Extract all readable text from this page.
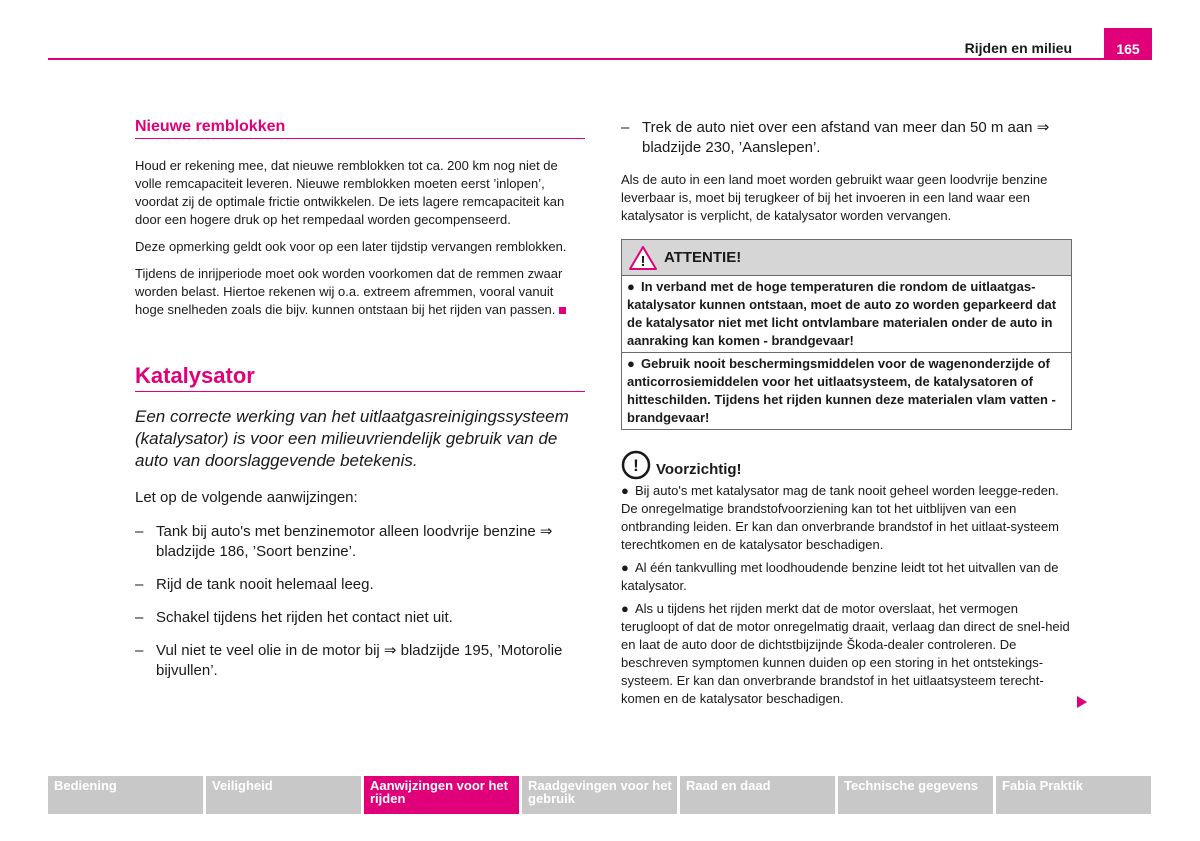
Rijden en milieu	165
Nieuwe remblokken

Houd er rekening mee, dat nieuwe remblokken tot ca. 200 km nog niet de volle remcapaciteit leveren. Nieuwe remblokken moeten eerst ’inlopen’, voordat zij de optimale frictie ontwikkelen. De iets lagere remcapaciteit kan door een hogere druk op het rempedaal worden gecompenseerd.

Deze opmerking geldt ook voor op een later tijdstip vervangen remblokken.

Tijdens de inrijperiode moet ook worden voorkomen dat de remmen zwaar worden belast. Hiertoe rekenen wij o.a. extreem afremmen, vooral vanuit hoge snelheden zoals die bijv. kunnen ontstaan bij het rijden van passen.

Katalysator

Een correcte werking van het uitlaatgasreinigingssysteem (katalysator) is voor een milieuvriendelijk gebruik van de auto van doorslaggevende betekenis.

Let op de volgende aanwijzingen:

– Tank bij auto's met benzinemotor alleen loodvrije benzine ⇒ bladzijde 186, ’Soort benzine’.
– Rijd de tank nooit helemaal leeg.
– Schakel tijdens het rijden het contact niet uit.
– Vul niet te veel olie in de motor bij ⇒ bladzijde 195, ’Motorolie bijvullen’.
– Trek de auto niet over een afstand van meer dan 50 m aan ⇒ bladzijde 230, ’Aanslepen’.

Als de auto in een land moet worden gebruikt waar geen loodvrije benzine leverbaar is, moet bij terugkeer of bij het invoeren in een land waar een katalysator is verplicht, de katalysator worden vervangen.

! ATTENTIE!
● In verband met de hoge temperaturen die rondom de uitlaatgas-katalysator kunnen ontstaan, moet de auto zo worden geparkeerd dat de katalysator niet met licht ontvlambare materialen onder de auto in aanraking kan komen - brandgevaar!
● Gebruik nooit beschermingsmiddelen voor de wagenonderzijde of anticorrosiemiddelen voor het uitlaatsysteem, de katalysatoren of hitteschilden. Tijdens het rijden kunnen deze materialen vlam vatten - brandgevaar!
! Voorzichtig!

● Bij auto's met katalysator mag de tank nooit geheel worden leegge-reden. De onregelmatige brandstofvoorziening kan tot het uitblijven van een ontbranding leiden. Er kan dan onverbrande brandstof in het uitlaat-systeem terechtkomen en de katalysator beschadigen.

● Al één tankvulling met loodhoudende benzine leidt tot het uitvallen van de katalysator.

● Als u tijdens het rijden merkt dat de motor overslaat, het vermogen terugloopt of dat de motor onregelmatig draait, verlaag dan direct de snel-heid en laat de auto door de dichtstbijzijnde Škoda-dealer controleren. De beschreven symptomen kunnen duiden op een storing in het ontstekings-systeem. Er kan dan onverbrande brandstof in het uitlaatsysteem terecht-komen en de katalysator beschadigen.

Bediening	Veiligheid	Aanwijzingen voor het rijden
Raadgevingen voor het gebruik
Raad en daad	Technische gegevens	Fabia Praktik
